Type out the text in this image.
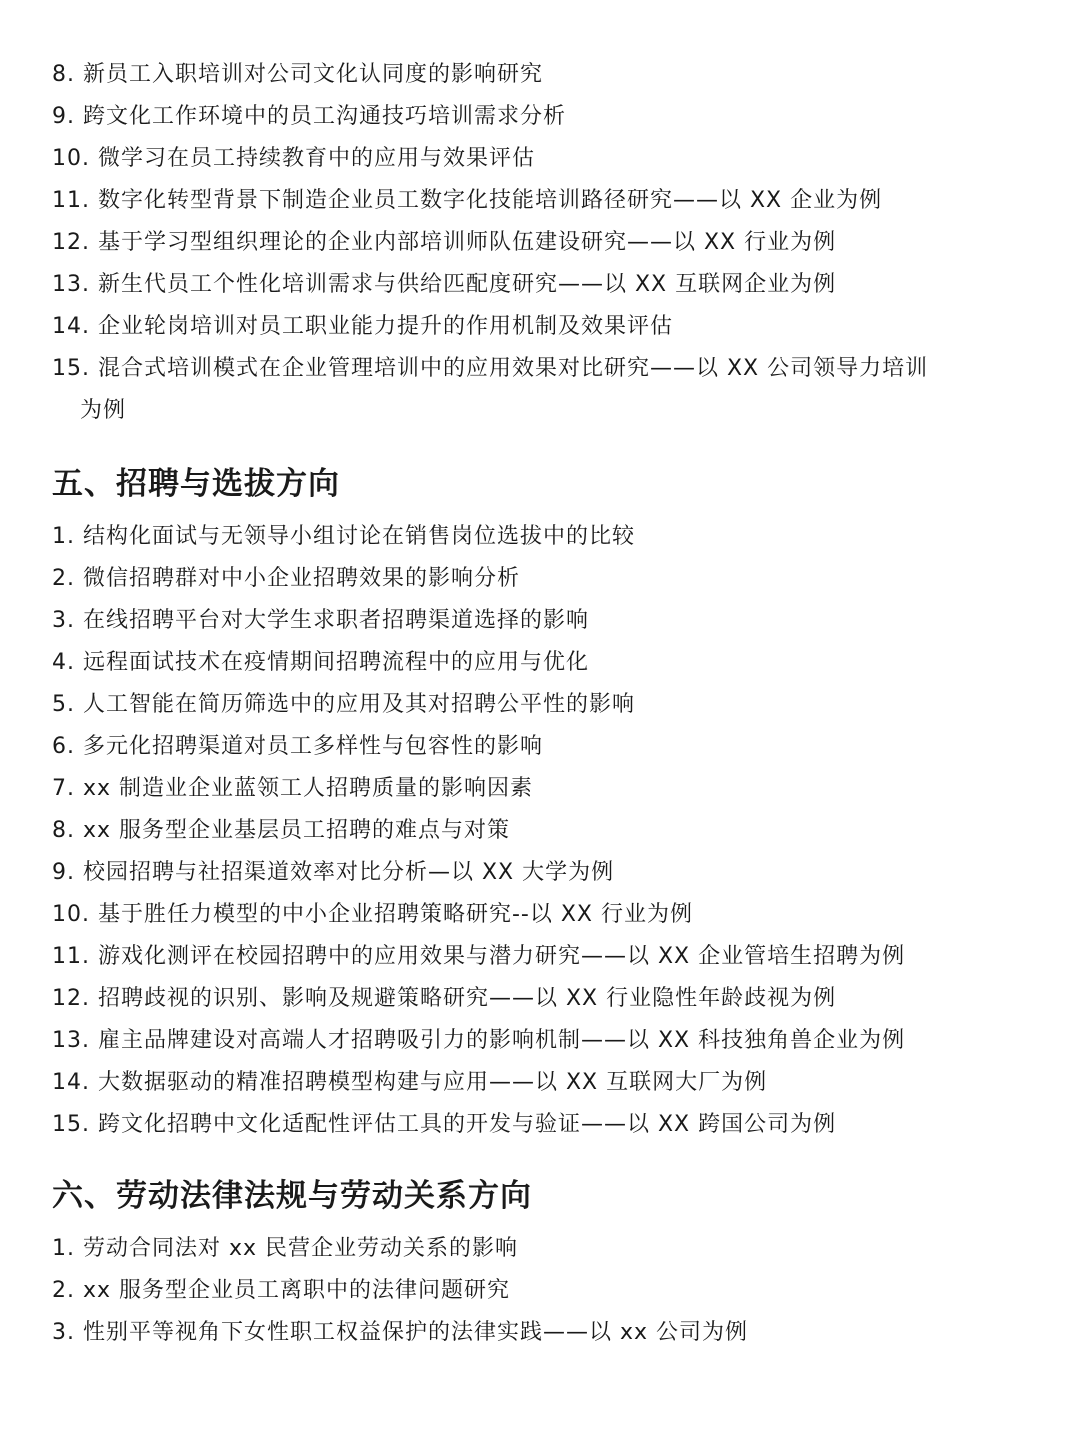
8. 新员工入职培训对公司文化认同度的影响研究
9. 跨文化工作环境中的员工沟通技巧培训需求分析
10. 微学习在员工持续教育中的应用与效果评估
11. 数字化转型背景下制造企业员工数字化技能培训路径研究——以 XX 企业为例
12. 基于学习型组织理论的企业内部培训师队伍建设研究——以 XX 行业为例
13. 新生代员工个性化培训需求与供给匹配度研究——以 XX 互联网企业为例
14. 企业轮岗培训对员工职业能力提升的作用机制及效果评估
15. 混合式培训模式在企业管理培训中的应用效果对比研究——以 XX 公司领导力培训
为例
五、招聘与选拔方向
1. 结构化面试与无领导小组讨论在销售岗位选拔中的比较
2. 微信招聘群对中小企业招聘效果的影响分析
3. 在线招聘平台对大学生求职者招聘渠道选择的影响
4. 远程面试技术在疫情期间招聘流程中的应用与优化
5. 人工智能在简历筛选中的应用及其对招聘公平性的影响
6. 多元化招聘渠道对员工多样性与包容性的影响
7. xx 制造业企业蓝领工人招聘质量的影响因素
8. xx 服务型企业基层员工招聘的难点与对策
9. 校园招聘与社招渠道效率对比分析—以 XX 大学为例
10. 基于胜任力模型的中小企业招聘策略研究--以 XX 行业为例
11. 游戏化测评在校园招聘中的应用效果与潜力研究——以 XX 企业管培生招聘为例
12. 招聘歧视的识别、影响及规避策略研究——以 XX 行业隐性年龄歧视为例
13. 雇主品牌建设对高端人才招聘吸引力的影响机制——以 XX 科技独角兽企业为例
14. 大数据驱动的精准招聘模型构建与应用——以 XX 互联网大厂为例
15. 跨文化招聘中文化适配性评估工具的开发与验证——以 XX 跨国公司为例
六、劳动法律法规与劳动关系方向
1. 劳动合同法对 xx 民营企业劳动关系的影响
2. xx 服务型企业员工离职中的法律问题研究
3. 性别平等视角下女性职工权益保护的法律实践——以 xx 公司为例
